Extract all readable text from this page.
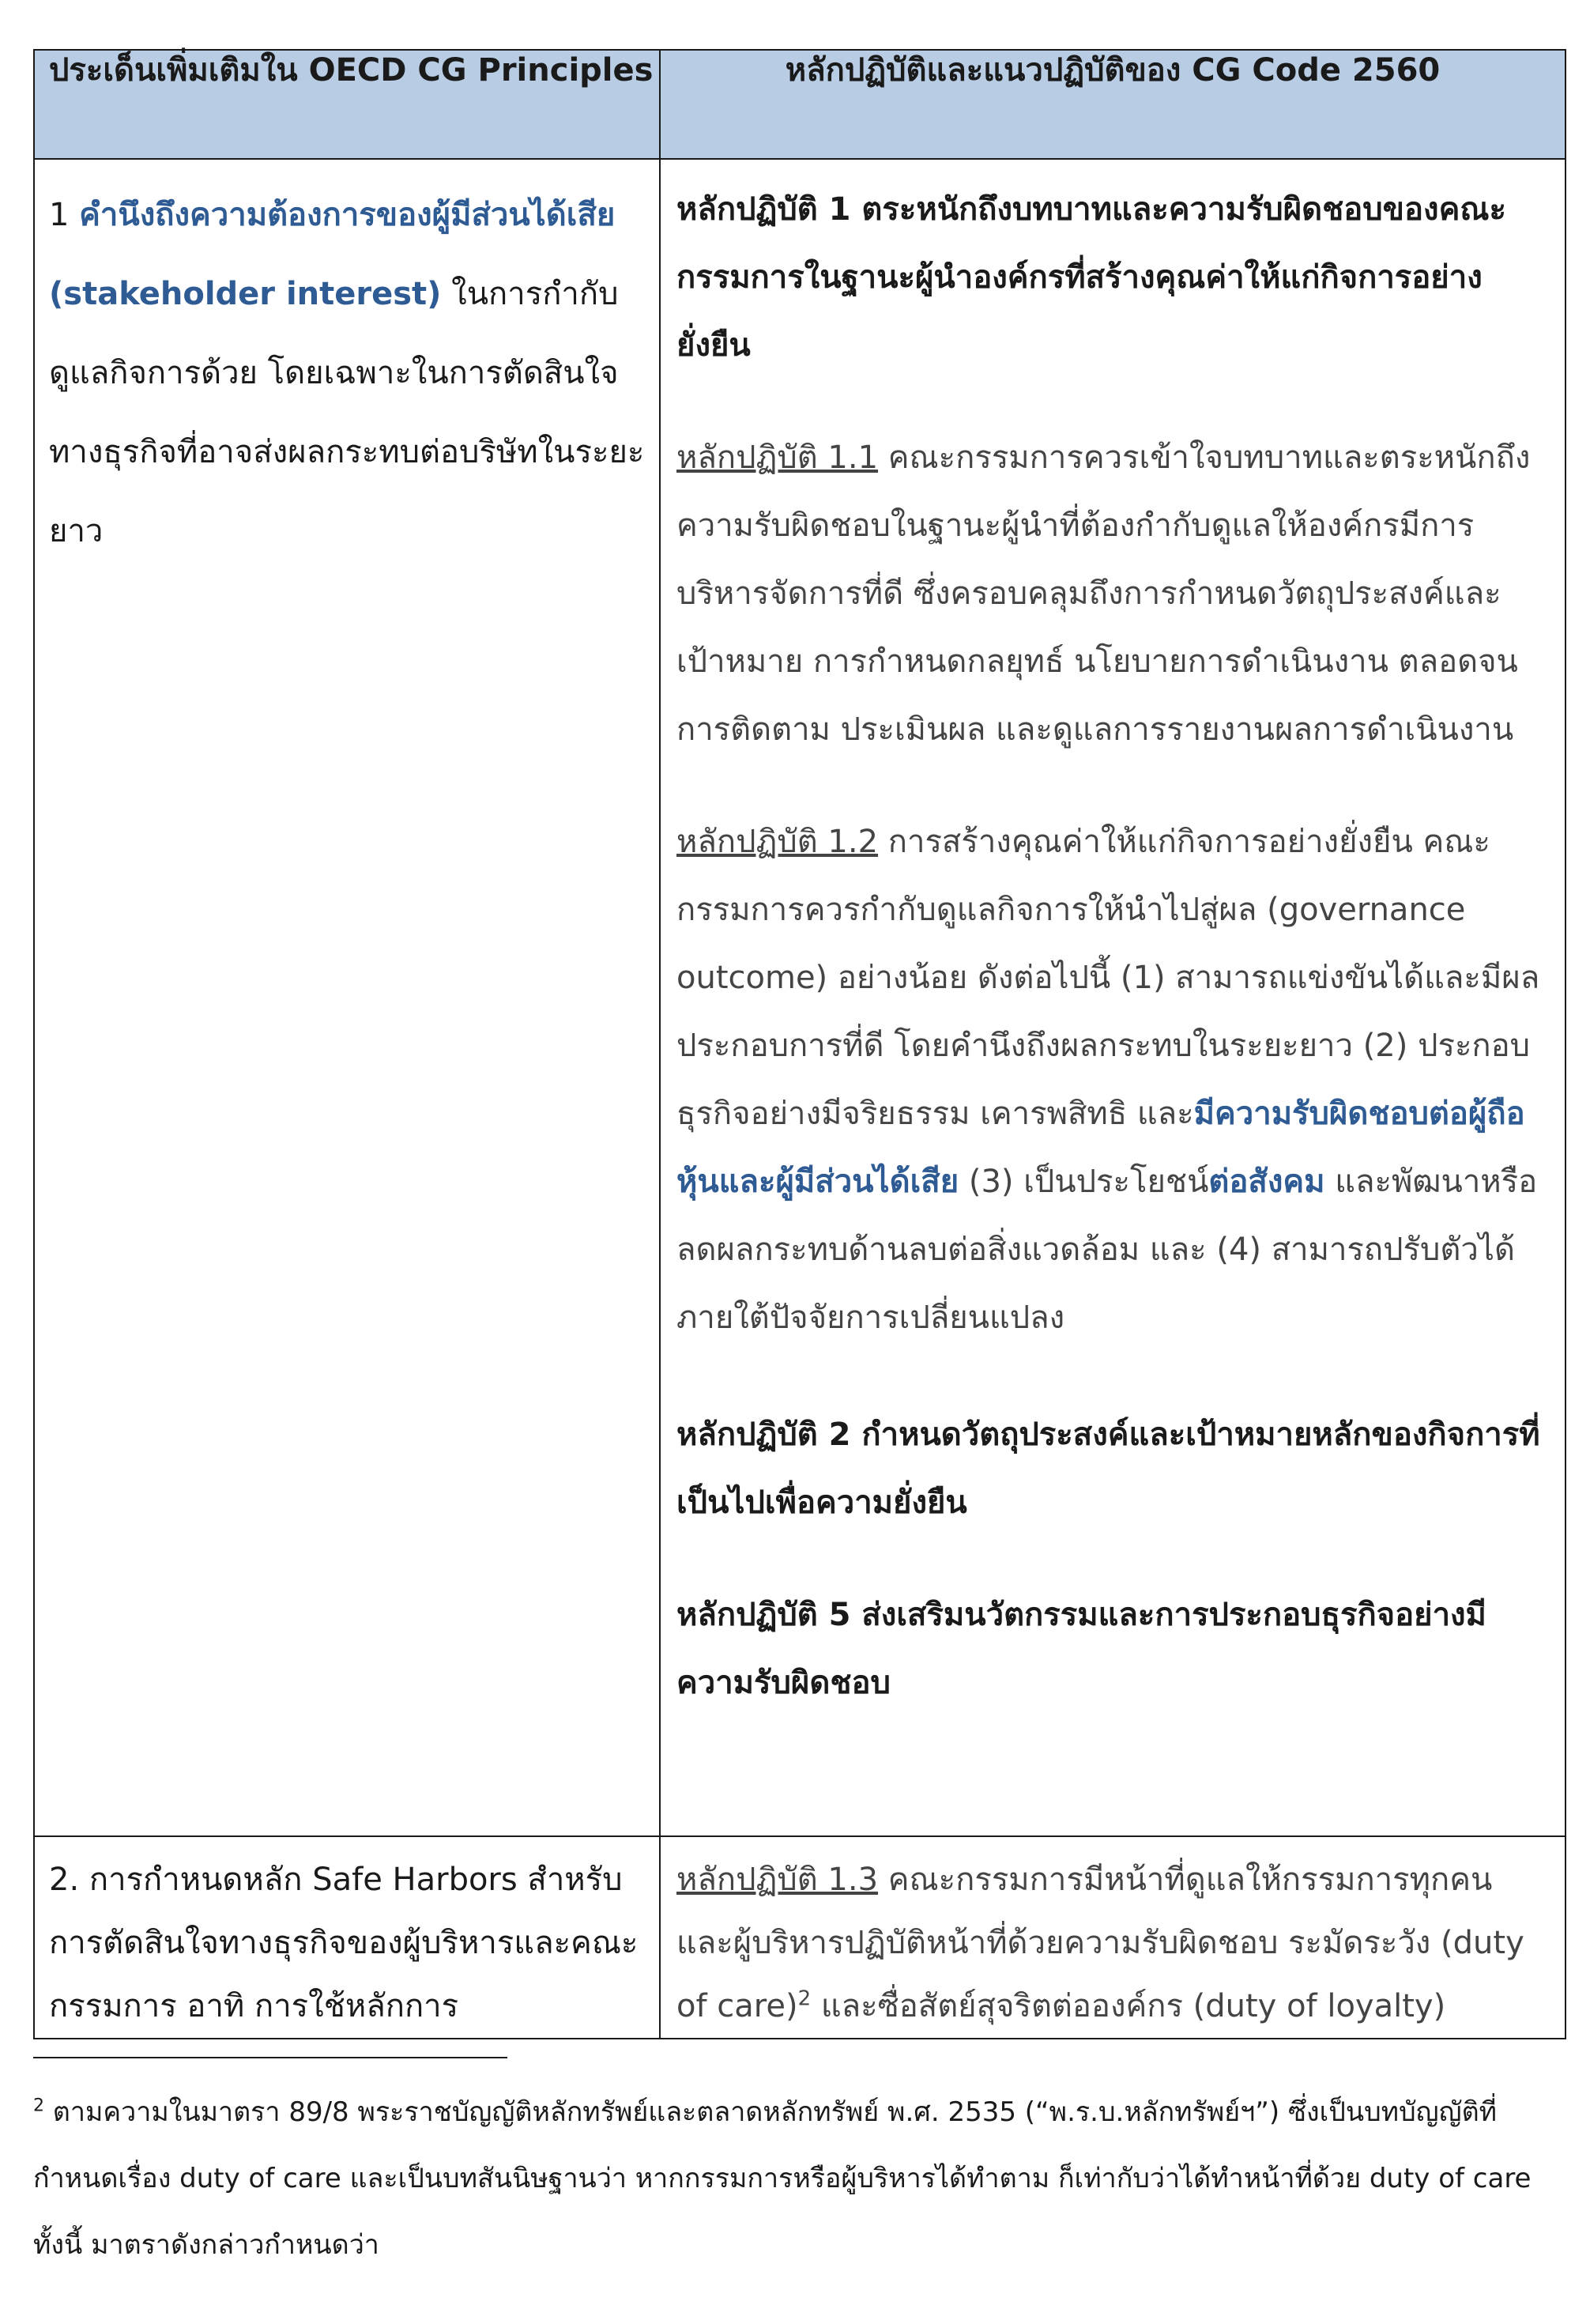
ประเด็นเพิ่มเติมใน OECD CG Principles	หลักปฏิบัติและแนวปฏิบัติของ CG Code 2560

1 คำนึงถึงความต้องการของผู้มีส่วนได้เสีย (stakeholder interest) ในการกำกับดูแลกิจการด้วย โดยเฉพาะในการตัดสินใจทางธุรกิจที่อาจส่งผลกระทบต่อบริษัทในระยะยาว	หลักปฏิบัติ 1 ตระหนักถึงบทบาทและความรับผิดชอบของคณะกรรมการในฐานะผู้นำองค์กรที่สร้างคุณค่าให้แก่กิจการอย่างยั่งยืน

หลักปฏิบัติ 1.1 คณะกรรมการควรเข้าใจบทบาทและตระหนักถึงความรับผิดชอบในฐานะผู้นำที่ต้องกำกับดูแลให้องค์กรมีการบริหารจัดการที่ดี ซึ่งครอบคลุมถึงการกำหนดวัตถุประสงค์และเป้าหมาย การกำหนดกลยุทธ์ นโยบายการดำเนินงาน ตลอดจนการติดตาม ประเมินผล และดูแลการรายงานผลการดำเนินงาน

หลักปฏิบัติ 1.2 การสร้างคุณค่าให้แก่กิจการอย่างยั่งยืน คณะกรรมการควรกำกับดูแลกิจการให้นำไปสู่ผล (governance outcome) อย่างน้อย ดังต่อไปนี้ (1) สามารถแข่งขันได้และมีผลประกอบการที่ดี โดยคำนึงถึงผลกระทบในระยะยาว (2) ประกอบธุรกิจอย่างมีจริยธรรม เคารพสิทธิ และมีความรับผิดชอบต่อผู้ถือหุ้นและผู้มีส่วนได้เสีย (3) เป็นประโยชน์ต่อสังคม และพัฒนาหรือลดผลกระทบด้านลบต่อสิ่งแวดล้อม และ (4) สามารถปรับตัวได้ภายใต้ปัจจัยการเปลี่ยนแปลง

หลักปฏิบัติ 2 กำหนดวัตถุประสงค์และเป้าหมายหลักของกิจการที่เป็นไปเพื่อความยั่งยืน

หลักปฏิบัติ 5 ส่งเสริมนวัตกรรมและการประกอบธุรกิจอย่างมีความรับผิดชอบ

2. การกำหนดหลัก Safe Harbors สำหรับการตัดสินใจทางธุรกิจของผู้บริหารและคณะกรรมการ อาทิ การใช้หลักการ	หลักปฏิบัติ 1.3 คณะกรรมการมีหน้าที่ดูแลให้กรรมการทุกคนและผู้บริหารปฏิบัติหน้าที่ด้วยความรับผิดชอบ ระมัดระวัง (duty of care)$^2$ และซื่อสัตย์สุจริตต่อองค์กร (duty of loyalty)
$^2$ ตามความในมาตรา 89/8 พระราชบัญญัติหลักทรัพย์และตลาดหลักทรัพย์ พ.ศ. 2535 (“พ.ร.บ.หลักทรัพย์ฯ”) ซึ่งเป็นบทบัญญัติที่กำหนดเรื่อง duty of care และเป็นบทสันนิษฐานว่า หากกรรมการหรือผู้บริหารได้ทำตาม ก็เท่ากับว่าได้ทำหน้าที่ด้วย duty of care ทั้งนี้ มาตราดังกล่าวกำหนดว่า
